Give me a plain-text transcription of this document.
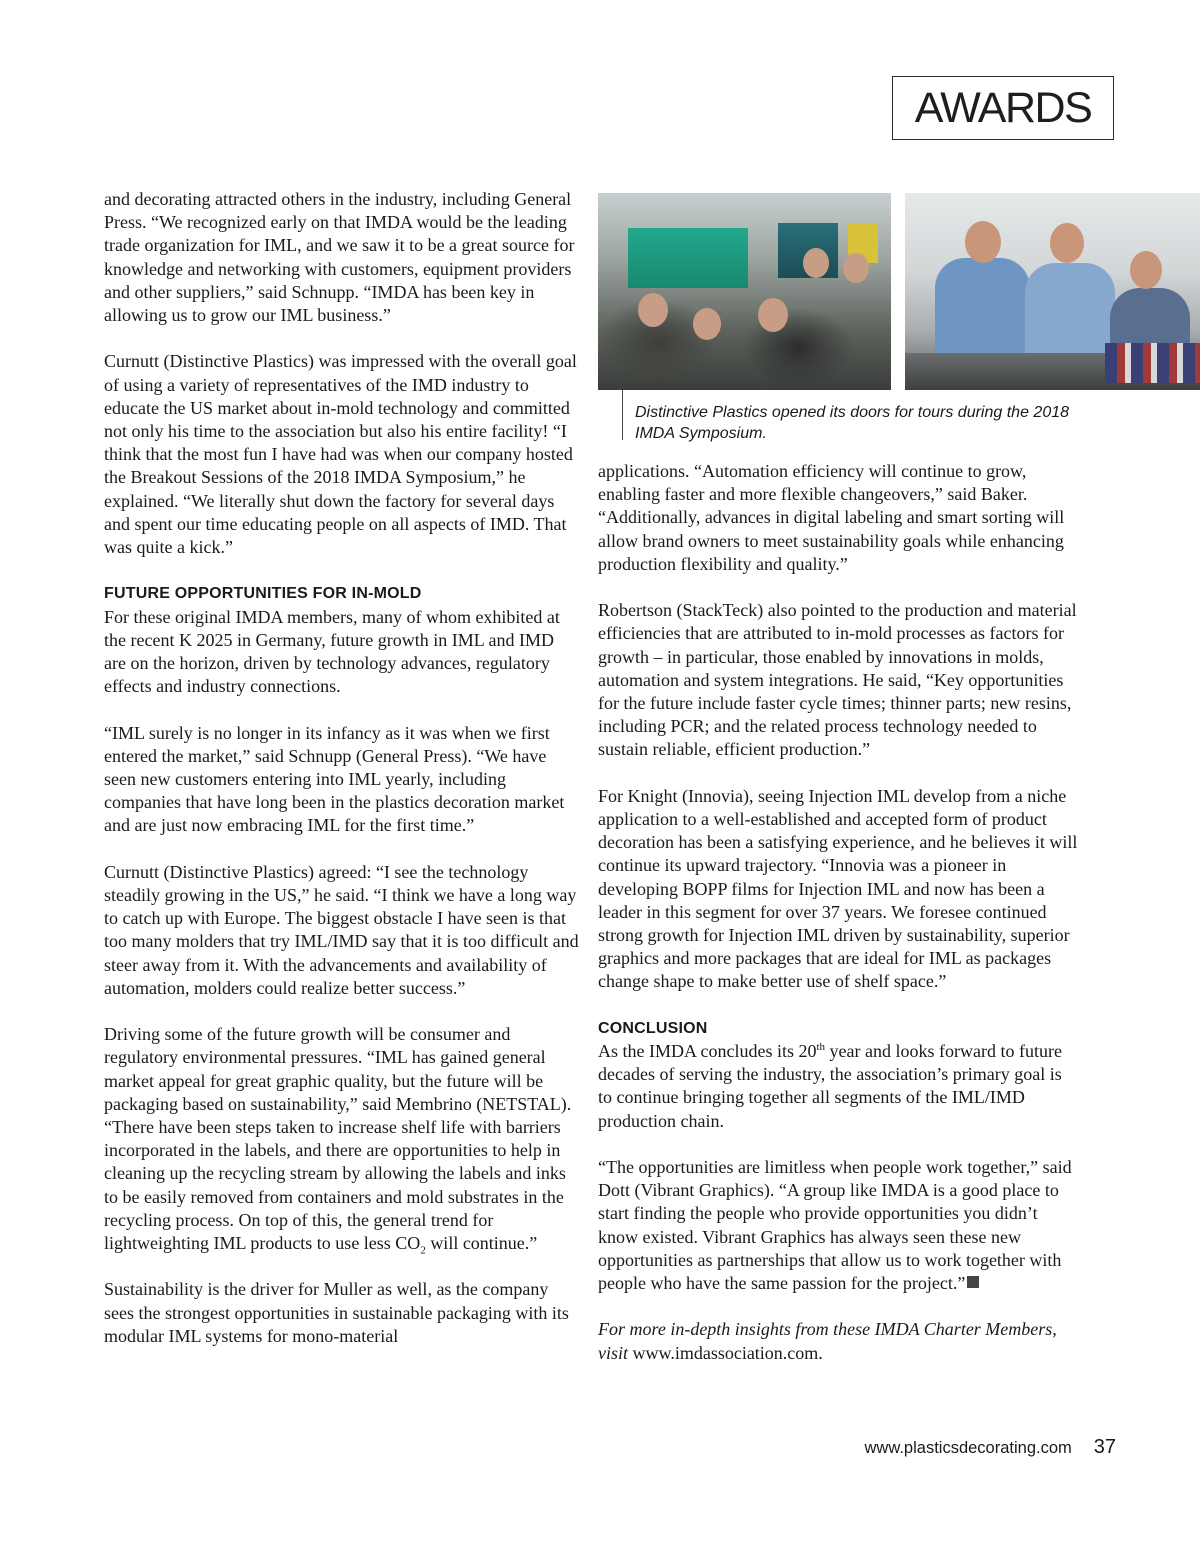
AWARDS

and decorating attracted others in the industry, including General Press. “We recognized early on that IMDA would be the leading trade organization for IML, and we saw it to be a great source for knowledge and networking with customers, equipment providers and other suppliers,” said Schnupp. “IMDA has been key in allowing us to grow our IML business.”

Curnutt (Distinctive Plastics) was impressed with the overall goal of using a variety of representatives of the IMD industry to educate the US market about in-mold technology and committed not only his time to the association but also his entire facility! “I think that the most fun I have had was when our company hosted the Breakout Sessions of the 2018 IMDA Symposium,” he explained. “We literally shut down the factory for several days and spent our time educating people on all aspects of IMD. That was quite a kick.”

FUTURE OPPORTUNITIES FOR IN-MOLD

For these original IMDA members, many of whom exhibited at the recent K 2025 in Germany, future growth in IML and IMD are on the horizon, driven by technology advances, regulatory effects and industry connections.

“IML surely is no longer in its infancy as it was when we first entered the market,” said Schnupp (General Press). “We have seen new customers entering into IML yearly, including companies that have long been in the plastics decoration market and are just now embracing IML for the first time.”

Curnutt (Distinctive Plastics) agreed: “I see the technology steadily growing in the US,” he said. “I think we have a long way to catch up with Europe. The biggest obstacle I have seen is that too many molders that try IML/IMD say that it is too difficult and steer away from it. With the advancements and availability of automation, molders could realize better success.”

Driving some of the future growth will be consumer and regulatory environmental pressures. “IML has gained general market appeal for great graphic quality, but the future will be packaging based on sustainability,” said Membrino (NETSTAL). “There have been steps taken to increase shelf life with barriers incorporated in the labels, and there are opportunities to help in cleaning up the recycling stream by allowing the labels and inks to be easily removed from containers and mold substrates in the recycling process. On top of this, the general trend for lightweighting IML products to use less $CO_2$ will continue.”

Sustainability is the driver for Muller as well, as the company sees the strongest opportunities in sustainable packaging with its modular IML systems for mono-material

Distinctive Plastics opened its doors for tours during the 2018 IMDA Symposium.

applications. “Automation efficiency will continue to grow, enabling faster and more flexible changeovers,” said Baker. “Additionally, advances in digital labeling and smart sorting will allow brand owners to meet sustainability goals while enhancing production flexibility and quality.”

Robertson (StackTeck) also pointed to the production and material efficiencies that are attributed to in-mold processes as factors for growth – in particular, those enabled by innovations in molds, automation and system integrations. He said, “Key opportunities for the future include faster cycle times; thinner parts; new resins, including PCR; and the related process technology needed to sustain reliable, efficient production.”

For Knight (Innovia), seeing Injection IML develop from a niche application to a well-established and accepted form of product decoration has been a satisfying experience, and he believes it will continue its upward trajectory. “Innovia was a pioneer in developing BOPP films for Injection IML and now has been a leader in this segment for over 37 years. We foresee continued strong growth for Injection IML driven by sustainability, superior graphics and more packages that are ideal for IML as packages change shape to make better use of shelf space.”

CONCLUSION

As the IMDA concludes its 20th year and looks forward to future decades of serving the industry, the association’s primary goal is to continue bringing together all segments of the IML/IMD production chain.

“The opportunities are limitless when people work together,” said Dott (Vibrant Graphics). “A group like IMDA is a good place to start finding the people who provide opportunities you didn’t know existed. Vibrant Graphics has always seen these new opportunities as partnerships that allow us to work together with people who have the same passion for the project.”

For more in-depth insights from these IMDA Charter Members, visit www.imdassociation.com.

www.plasticsdecorating.com 37
